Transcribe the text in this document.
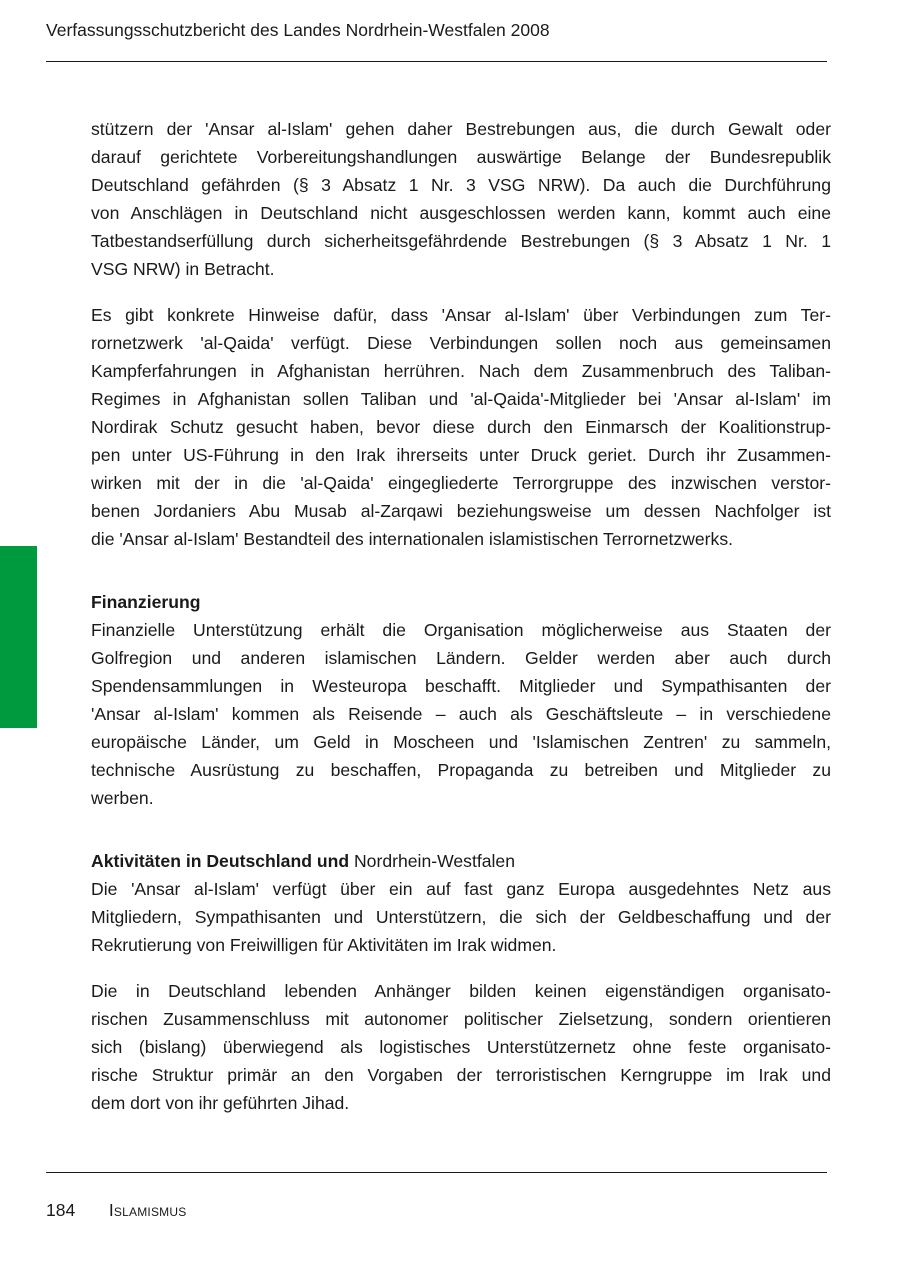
Verfassungsschutzbericht des Landes Nordrhein-Westfalen 2008

stützern der 'Ansar al-Islam' gehen daher Bestrebungen aus, die durch Gewalt oder
darauf gerichtete Vorbereitungshandlungen auswärtige Belange der Bundesrepublik
Deutschland gefährden (§ 3 Absatz 1 Nr. 3 VSG NRW). Da auch die Durchführung
von Anschlägen in Deutschland nicht ausgeschlossen werden kann, kommt auch eine
Tatbestandserfüllung durch sicherheitsgefährdende Bestrebungen (§ 3 Absatz 1 Nr. 1
VSG NRW) in Betracht.

Es gibt konkrete Hinweise dafür, dass 'Ansar al-Islam' über Verbindungen zum Ter-
rornetzwerk 'al-Qaida' verfügt. Diese Verbindungen sollen noch aus gemeinsamen
Kampferfahrungen in Afghanistan herrühren. Nach dem Zusammenbruch des Taliban-
Regimes in Afghanistan sollen Taliban und 'al-Qaida'-Mitglieder bei 'Ansar al-Islam' im
Nordirak Schutz gesucht haben, bevor diese durch den Einmarsch der Koalitionstrup-
pen unter US-Führung in den Irak ihrerseits unter Druck geriet. Durch ihr Zusammen-
wirken mit der in die 'al-Qaida' eingegliederte Terrorgruppe des inzwischen verstor-
benen Jordaniers Abu Musab al-Zarqawi beziehungsweise um dessen Nachfolger ist
die 'Ansar al-Islam' Bestandteil des internationalen islamistischen Terrornetzwerks.

Finanzierung

Finanzielle Unterstützung erhält die Organisation möglicherweise aus Staaten der
Golfregion und anderen islamischen Ländern. Gelder werden aber auch durch
Spendensammlungen in Westeuropa beschafft. Mitglieder und Sympathisanten der
'Ansar al-Islam' kommen als Reisende – auch als Geschäftsleute – in verschiedene
europäische Länder, um Geld in Moscheen und 'Islamischen Zentren' zu sammeln,
technische Ausrüstung zu beschaffen, Propaganda zu betreiben und Mitglieder zu
werben.

Aktivitäten in Deutschland und Nordrhein-Westfalen

Die 'Ansar al-Islam' verfügt über ein auf fast ganz Europa ausgedehntes Netz aus
Mitgliedern, Sympathisanten und Unterstützern, die sich der Geldbeschaffung und der
Rekrutierung von Freiwilligen für Aktivitäten im Irak widmen.

Die in Deutschland lebenden Anhänger bilden keinen eigenständigen organisato-
rischen Zusammenschluss mit autonomer politischer Zielsetzung, sondern orientieren
sich (bislang) überwiegend als logistisches Unterstützernetz ohne feste organisato-
rische Struktur primär an den Vorgaben der terroristischen Kerngruppe im Irak und
dem dort von ihr geführten Jihad.

184 Islamismus
